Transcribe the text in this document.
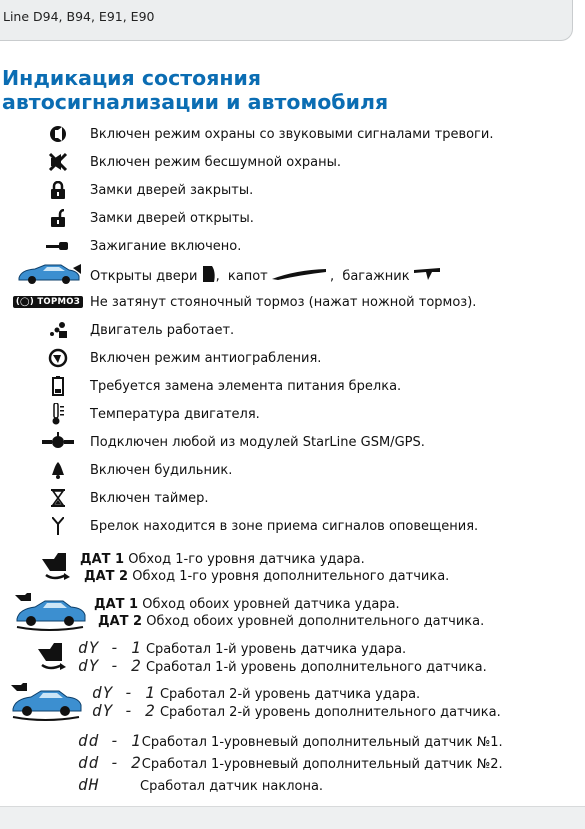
Line D94, B94, E91, E90
Индикация состояния
автосигнализации и автомобиля
Включен режим охраны со звуковыми сигналами тревоги.
Включен режим бесшумной охраны.
Замки дверей закрыты.
Замки дверей открыты.
Зажигание включено.
Открыты двери , капот	, багажник
(◯) ТОРМОЗ Не затянут стояночный тормоз (нажат ножной тормоз).
Двигатель работает.
Включен режим антиограбления.
Требуется замена элемента питания брелка.
Температура двигателя.
Подключен любой из модулей StarLine GSM/GPS.
Включен будильник.
Включен таймер.
Брелок находится в зоне приема сигналов оповещения.
ДАТ 1 Обход 1-го уровня датчика удара.
ДАТ 2 Обход 1-го уровня дополнительного датчика.
ДАТ 1 Обход обоих уровней датчика удара.
ДАТ 2 Обход обоих уровней дополнительного датчика.
dY - 1 Сработал 1-й уровень датчика удара.
dY - 2 Сработал 1-й уровень дополнительного датчика.
dY - 1 Сработал 2-й уровень датчика удара.
dY - 2 Сработал 2-й уровень дополнительного датчика.
dd - 1Сработал 1-уровневый дополнительный датчик №1.
dd - 2Сработал 1-уровневый дополнительный датчик №2.
dH	Сработал датчик наклона.
